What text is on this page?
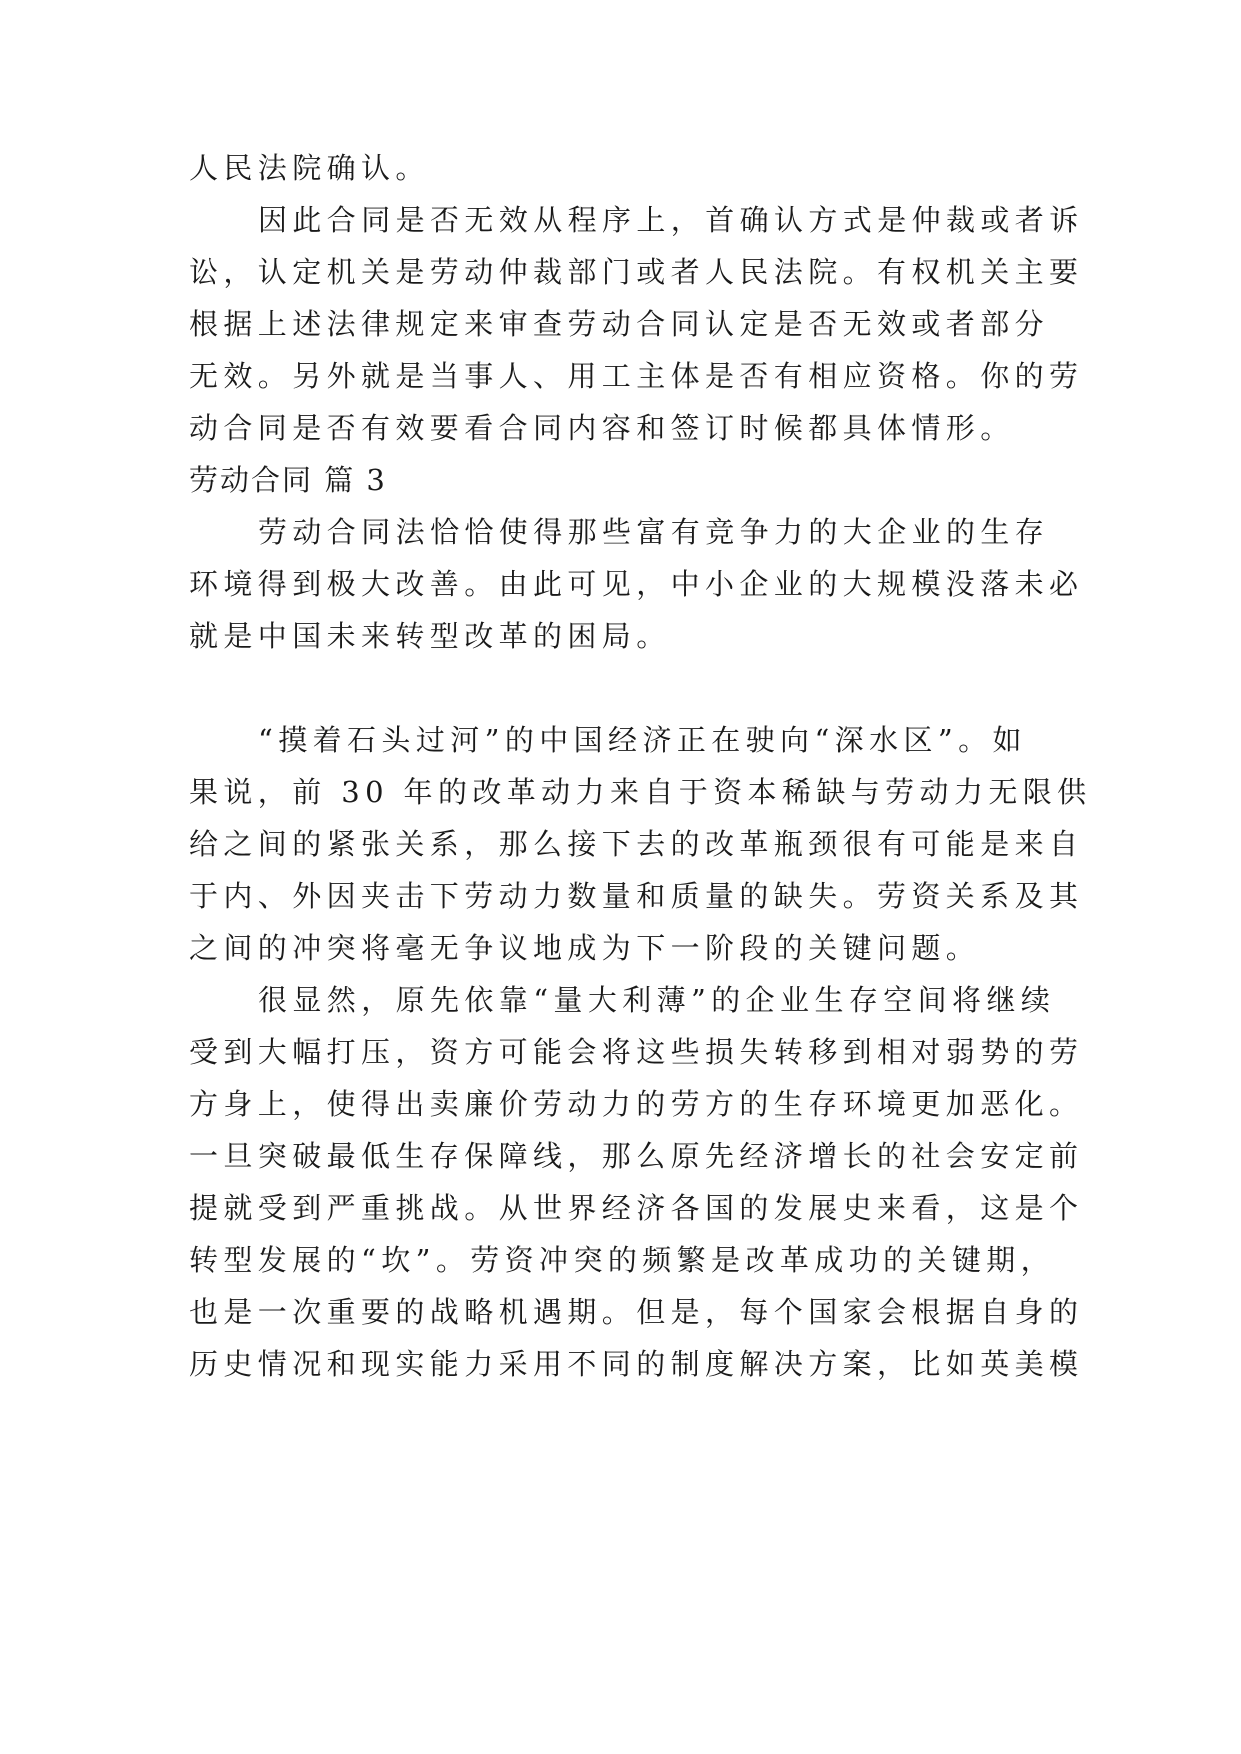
人民法院确认。
因此合同是否无效从程序上，首确认方式是仲裁或者诉
讼，认定机关是劳动仲裁部门或者人民法院。有权机关主要
根据上述法律规定来审查劳动合同认定是否无效或者部分
无效。另外就是当事人、用工主体是否有相应资格。你的劳
动合同是否有效要看合同内容和签订时候都具体情形。
劳动合同 篇 3
劳动合同法恰恰使得那些富有竞争力的大企业的生存
环境得到极大改善。由此可见，中小企业的大规模没落未必
就是中国未来转型改革的困局。
“摸着石头过河”的中国经济正在驶向“深水区”。如
果说，前 30 年的改革动力来自于资本稀缺与劳动力无限供
给之间的紧张关系，那么接下去的改革瓶颈很有可能是来自
于内、外因夹击下劳动力数量和质量的缺失。劳资关系及其
之间的冲突将毫无争议地成为下一阶段的关键问题。
很显然，原先依靠“量大利薄”的企业生存空间将继续
受到大幅打压，资方可能会将这些损失转移到相对弱势的劳
方身上，使得出卖廉价劳动力的劳方的生存环境更加恶化。
一旦突破最低生存保障线，那么原先经济增长的社会安定前
提就受到严重挑战。从世界经济各国的发展史来看，这是个
转型发展的“坎”。劳资冲突的频繁是改革成功的关键期，
也是一次重要的战略机遇期。但是，每个国家会根据自身的
历史情况和现实能力采用不同的制度解决方案，比如英美模
